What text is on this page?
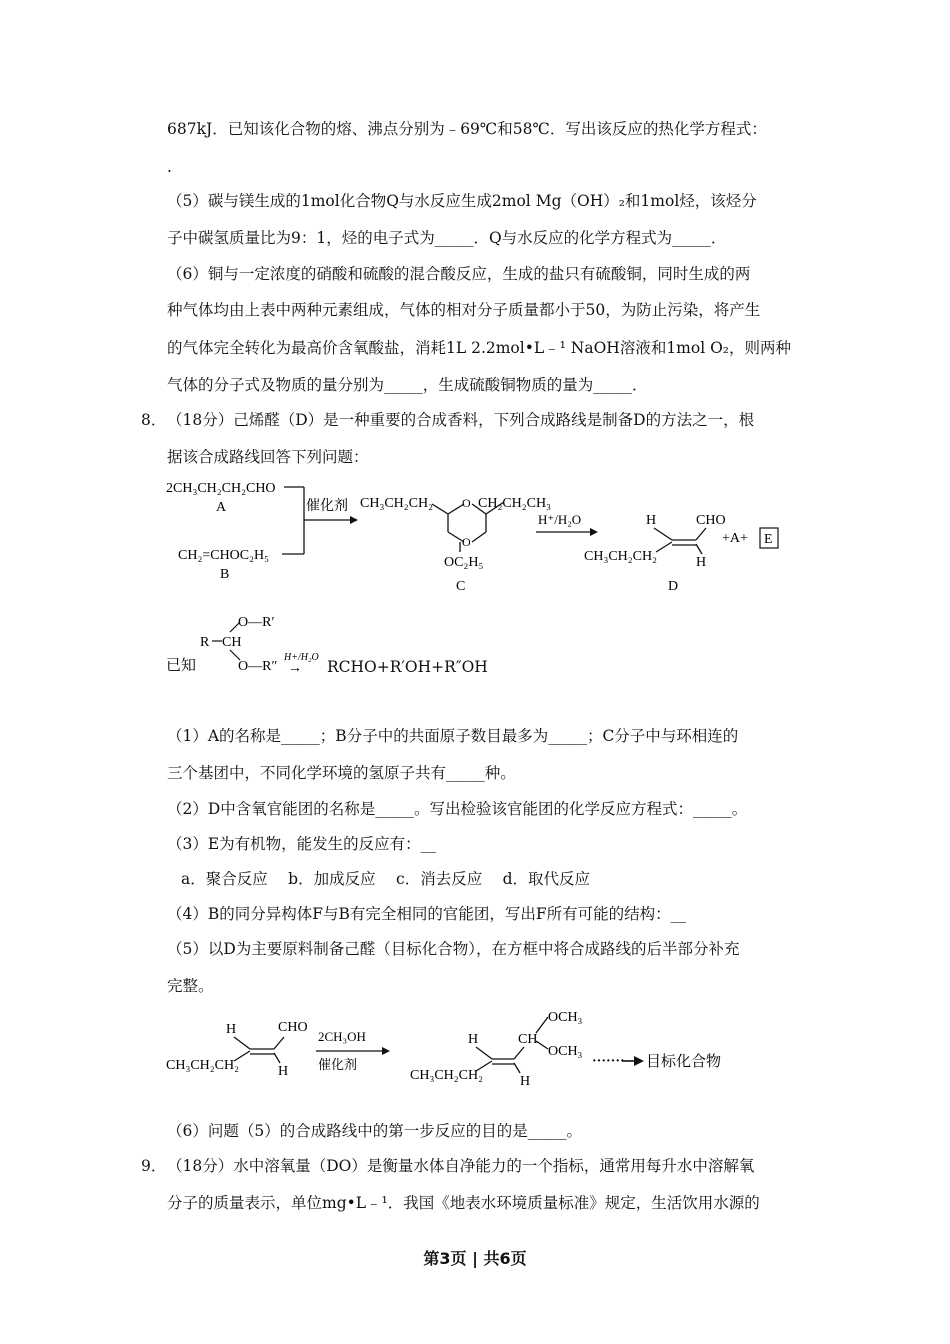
687kJ．已知该化合物的熔、沸点分别为﹣69℃和58℃．写出该反应的热化学方程式：
.
（5）碳与镁生成的1mol化合物Q与水反应生成2mol Mg（OH）₂和1mol烃，该烃分
子中碳氢质量比为9：1，烃的电子式为_____．Q与水反应的化学方程式为_____．
（6）铜与一定浓度的硝酸和硫酸的混合酸反应，生成的盐只有硫酸铜，同时生成的两
种气体均由上表中两种元素组成，气体的相对分子质量都小于50，为防止污染，将产生
的气体完全转化为最高价含氧酸盐，消耗1L 2.2mol•L﹣¹ NaOH溶液和1mol O₂，则两种
气体的分子式及物质的量分别为_____，生成硫酸铜物质的量为_____．
8． （18分）己烯醛（D）是一种重要的合成香料，下列合成路线是制备D的方法之一，根
据该合成路线回答下列问题：
2CH₃CH₂CH₂CHO
A
CH₂=CHOC₂H₅
B
催化剂 CH₃CH₂CH₂ O
O
CH₂CH₂CH₃
OC₂H₅
C
H⁺/H₂O	H	CHO
CH₃CH₂CH₂	H
D
+A+ E
已知
O—R′
R CH
O—R″
H+/H₂O
→ RCHO+R′OH+R″OH
（1）A的名称是_____；B分子中的共面原子数目最多为_____；C分子中与环相连的
三个基团中，不同化学环境的氢原子共有_____种。
（2）D中含氧官能团的名称是_____。写出检验该官能团的化学反应方程式：_____。
（3）E为有机物，能发生的反应有：__
a．聚合反应　 b．加成反应　 c．消去反应　 d．取代反应
（4）B的同分异构体F与B有完全相同的官能团，写出F所有可能的结构：__
（5）以D为主要原料制备己醛（目标化合物），在方框中将合成路线的后半部分补充
完整。
H	CHO
CH₃CH₂CH₂	H
2CH₃OH
催化剂
H	CH
OCH₃
OCH₃
CH₃CH₂CH₂	H
······· 目标化合物
（6）问题（5）的合成路线中的第一步反应的目的是_____。
9． （18分）水中溶氧量（DO）是衡量水体自净能力的一个指标，通常用每升水中溶解氧
分子的质量表示，单位mg•L﹣¹．我国《地表水环境质量标准》规定，生活饮用水源的
第3页 | 共6页
